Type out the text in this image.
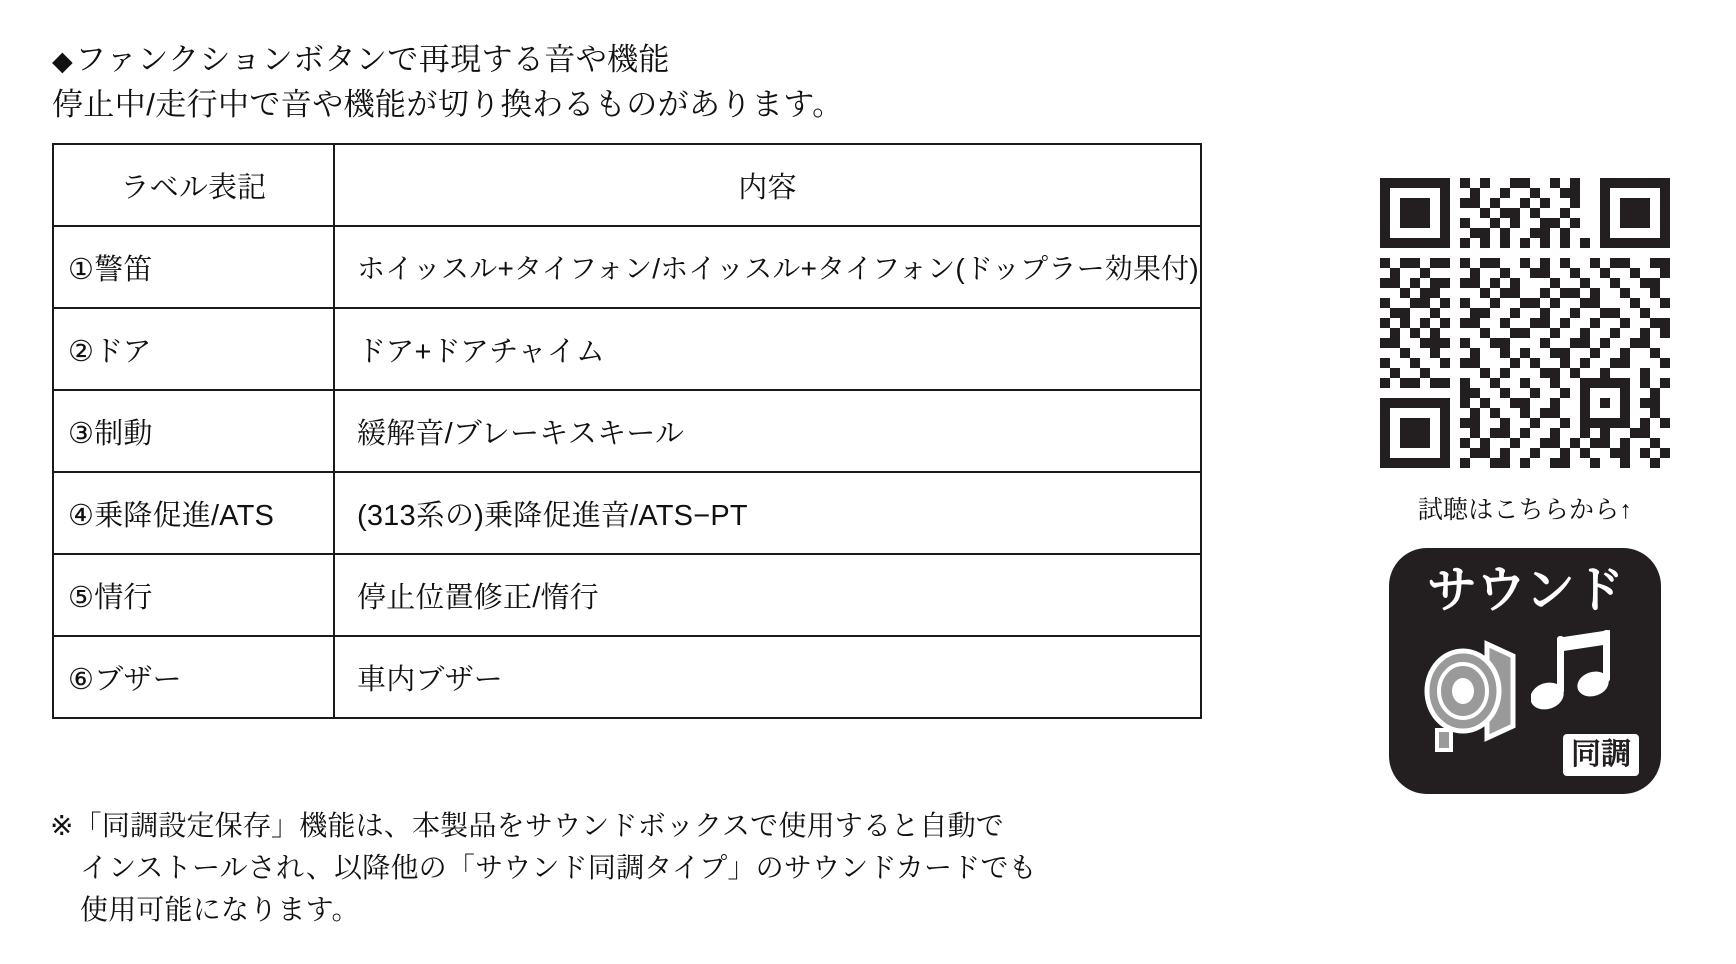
◆ファンクションボタンで再現する音や機能
停止中/走行中で音や機能が切り換わるものがあります。
ラベル表記	内容
①警笛	ホイッスル+タイフォン/ホイッスル+タイフォン(ドップラー効果付)
②ドア	ドア+ドアチャイム
③制動	緩解音/ブレーキスキール
④乗降促進/ATS	(313系の)乗降促進音/ATS−PT
⑤情行	停止位置修正/惰行
⑥ブザー	車内ブザー
※「同調設定保存」機能は、本製品をサウンドボックスで使用すると自動で
インストールされ、以降他の「サウンド同調タイプ」のサウンドカードでも
使用可能になります。
試聴はこちらから↑
サウンド
同調
